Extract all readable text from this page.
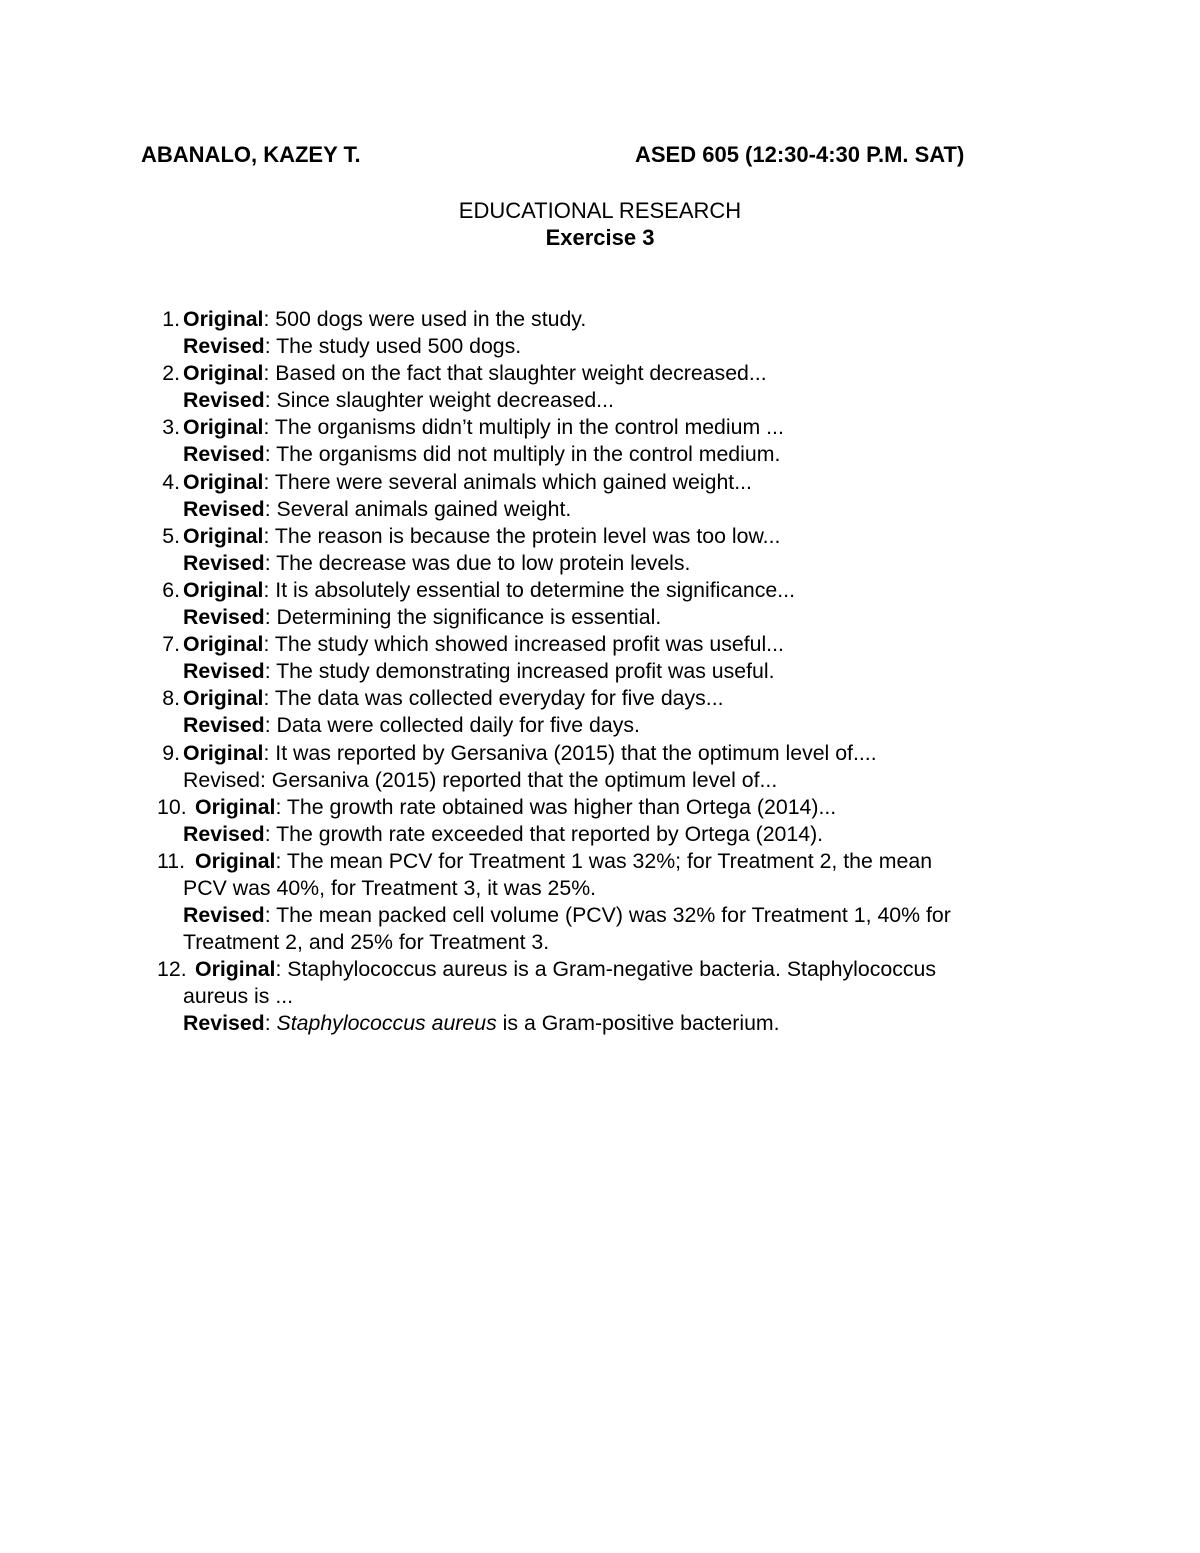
ABANALO, KAZEY T.	ASED 605 (12:30-4:30 P.M. SAT)
EDUCATIONAL RESEARCH
Exercise 3
1. Original: 500 dogs were used in the study.
Revised: The study used 500 dogs.
2. Original: Based on the fact that slaughter weight decreased...
Revised: Since slaughter weight decreased...
3. Original: The organisms didn’t multiply in the control medium ...
Revised: The organisms did not multiply in the control medium.
4. Original: There were several animals which gained weight...
Revised: Several animals gained weight.
5. Original: The reason is because the protein level was too low...
Revised: The decrease was due to low protein levels.
6. Original: It is absolutely essential to determine the significance...
Revised: Determining the significance is essential.
7. Original: The study which showed increased profit was useful...
Revised: The study demonstrating increased profit was useful.
8. Original: The data was collected everyday for five days...
Revised: Data were collected daily for five days.
9. Original: It was reported by Gersaniva (2015) that the optimum level of....
Revised: Gersaniva (2015) reported that the optimum level of...
10. Original: The growth rate obtained was higher than Ortega (2014)...
Revised: The growth rate exceeded that reported by Ortega (2014).
11. Original: The mean PCV for Treatment 1 was 32%; for Treatment 2, the mean
PCV was 40%, for Treatment 3, it was 25%.
Revised: The mean packed cell volume (PCV) was 32% for Treatment 1, 40% for
Treatment 2, and 25% for Treatment 3.
12. Original: Staphylococcus aureus is a Gram-negative bacteria. Staphylococcus
aureus is ...
Revised: Staphylococcus aureus is a Gram-positive bacterium.
